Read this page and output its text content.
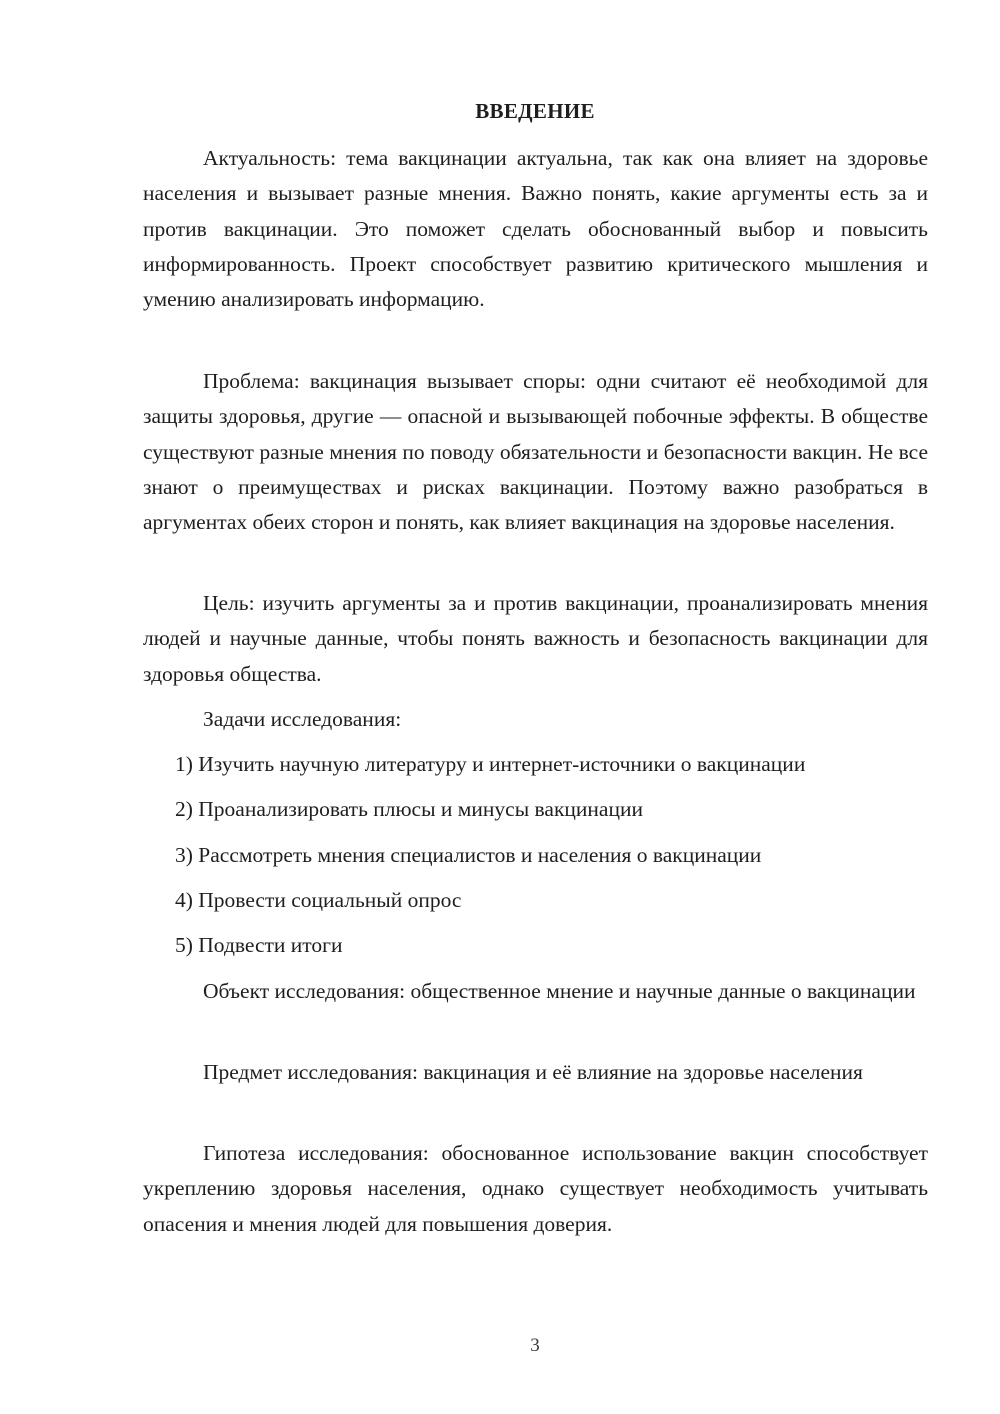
ВВЕДЕНИЕ

Актуальность: тема вакцинации актуальна, так как она влияет на здоровье населения и вызывает разные мнения. Важно понять, какие аргументы есть за и против вакцинации. Это поможет сделать обоснованный выбор и повысить информированность. Проект способствует развитию критического мышления и умению анализировать информацию.

Проблема: вакцинация вызывает споры: одни считают её необходимой для защиты здоровья, другие — опасной и вызывающей побочные эффекты. В обществе существуют разные мнения по поводу обязательности и безопасности вакцин. Не все знают о преимуществах и рисках вакцинации. Поэтому важно разобраться в аргументах обеих сторон и понять, как влияет вакцинация на здоровье населения.

Цель: изучить аргументы за и против вакцинации, проанализировать мнения людей и научные данные, чтобы понять важность и безопасность вакцинации для здоровья общества.

Задачи исследования:

1) Изучить научную литературу и интернет-источники о вакцинации

2) Проанализировать плюсы и минусы вакцинации

3) Рассмотреть мнения специалистов и населения о вакцинации

4) Провести социальный опрос

5) Подвести итоги

Объект исследования: общественное мнение и научные данные о вакцинации

Предмет исследования: вакцинация и её влияние на здоровье населения

Гипотеза исследования: обоснованное использование вакцин способствует укреплению здоровья населения, однако существует необходимость учитывать опасения и мнения людей для повышения доверия.

3
